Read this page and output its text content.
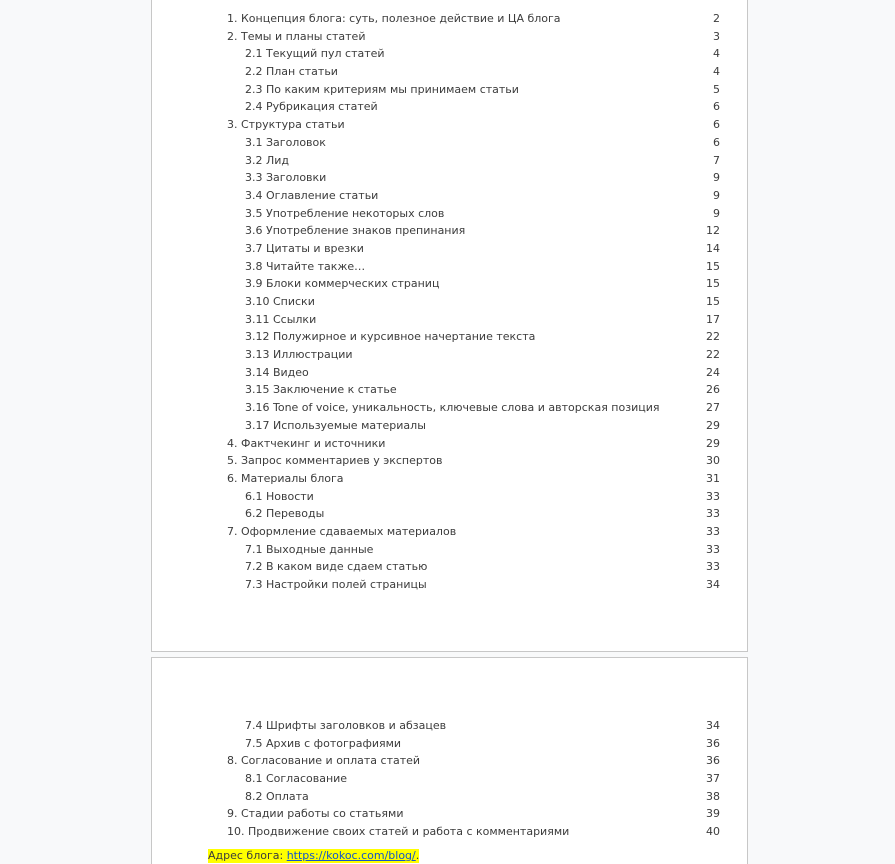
1. Концепция блога: суть, полезное действие и ЦА блога	2
2. Темы и планы статей	3
2.1 Текущий пул статей	4
2.2 План статьи	4
2.3 По каким критериям мы принимаем статьи	5
2.4 Рубрикация статей	6
3. Структура статьи	6
3.1 Заголовок	6
3.2 Лид	7
3.3 Заголовки	9
3.4 Оглавление статьи	9
3.5 Употребление некоторых слов	9
3.6 Употребление знаков препинания	12
3.7 Цитаты и врезки	14
3.8 Читайте также…	15
3.9 Блоки коммерческих страниц	15
3.10 Списки	15
3.11 Ссылки	17
3.12 Полужирное и курсивное начертание текста	22
3.13 Иллюстрации	22
3.14 Видео	24
3.15 Заключение к статье	26
3.16 Tone of voice, уникальность, ключевые слова и авторская позиция	27
3.17 Используемые материалы	29
4. Фактчекинг и источники	29
5. Запрос комментариев у экспертов	30
6. Материалы блога	31
6.1 Новости	33
6.2 Переводы	33
7. Оформление сдаваемых материалов	33
7.1 Выходные данные	33
7.2 В каком виде сдаем статью	33
7.3 Настройки полей страницы	34
7.4 Шрифты заголовков и абзацев	34
7.5 Архив с фотографиями	36
8. Согласование и оплата статей	36
8.1 Согласование	37
8.2 Оплата	38
9. Стадии работы со статьями	39
10. Продвижение своих статей и работа с комментариями	40
Адрес блога: https://kokoc.com/blog/.
